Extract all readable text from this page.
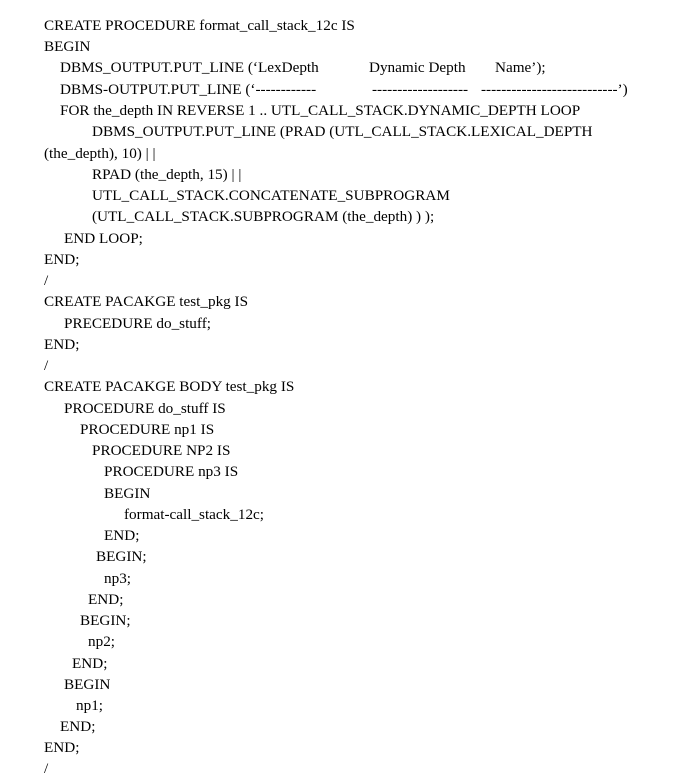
CREATE PROCEDURE format_call_stack_12c IS
BEGIN

DBMS_OUTPUT.PUT_LINE (‘LexDepth

	Dynamic Depth

Name’);

DBMS-OUTPUT.PUT_LINE (‘------------

	-------------------

---------------------------’)

FOR the_depth IN REVERSE 1 .. UTL_CALL_STACK.DYNAMIC_DEPTH LOOP
DBMS_OUTPUT.PUT_LINE (PRAD (UTL_CALL_STACK.LEXICAL_DEPTH
(the_depth), 10) | |
RPAD (the_depth, 15) | |
UTL_CALL_STACK.CONCATENATE_SUBPROGRAM
(UTL_CALL_STACK.SUBPROGRAM (the_depth) ) );
END LOOP;
END;
/
CREATE PACAKGE test_pkg IS
PRECEDURE do_stuff;
END;
/
CREATE PACAKGE BODY test_pkg IS
PROCEDURE do_stuff IS
PROCEDURE np1 IS
PROCEDURE NP2 IS
PROCEDURE np3 IS
BEGIN
format-call_stack_12c;
END;
BEGIN;
np3;
END;
BEGIN;
np2;
END;
BEGIN
np1;
END;
END;
/
